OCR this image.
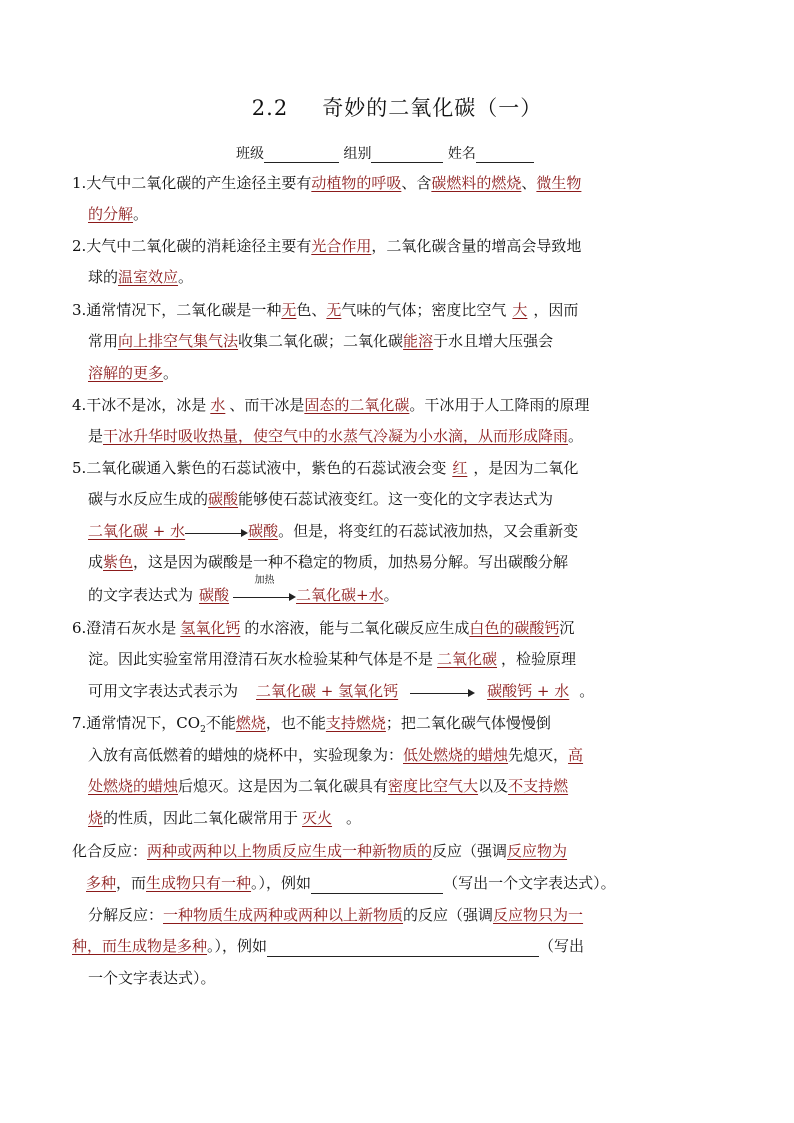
2.2 奇妙的二氧化碳（一）
班级	组别	姓名
1.大气中二氧化碳的产生途径主要有动植物的呼吸、含碳燃料的燃烧、微生物
的分解。
2.大气中二氧化碳的消耗途径主要有光合作用，二氧化碳含量的增高会导致地
球的温室效应。
3.通常情况下，二氧化碳是一种无色、无气味的气体；密度比空气 大 ，因而
常用向上排空气集气法收集二氧化碳；二氧化碳能溶于水且增大压强会
溶解的更多。
4.干冰不是冰，冰是 水 、而干冰是固态的二氧化碳。干冰用于人工降雨的原理
是干冰升华时吸收热量，使空气中的水蒸气冷凝为小水滴，从而形成降雨。
5.二氧化碳通入紫色的石蕊试液中，紫色的石蕊试液会变 红 ，是因为二氧化
碳与水反应生成的碳酸能够使石蕊试液变红。这一变化的文字表达式为
二氧化碳 + 水	碳酸。但是，将变红的石蕊试液加热，又会重新变
成紫色，这是因为碳酸是一种不稳定的物质，加热易分解。写出碳酸分解
的文字表达式为 碳酸
加热
二氧化碳+水。
6.澄清石灰水是 氢氧化钙 的水溶液，能与二氧化碳反应生成白色的碳酸钙沉
淀。因此实验室常用澄清石灰水检验某种气体是不是 二氧化碳 ，检验原理
可用文字表达式表示为 二氧化碳 + 氢氧化钙	碳酸钙 + 水 。
7.通常情况下，$CO_2$不能燃烧，也不能支持燃烧；把二氧化碳气体慢慢倒
入放有高低燃着的蜡烛的烧杯中，实验现象为：低处燃烧的蜡烛先熄灭，高
处燃烧的蜡烛后熄灭。这是因为二氧化碳具有密度比空气大以及不支持燃
烧的性质，因此二氧化碳常用于 灭火 。
化合反应：两种或两种以上物质反应生成一种新物质的反应（强调反应物为
多种，而生成物只有一种。），例如	（写出一个文字表达式）。
分解反应：一种物质生成两种或两种以上新物质的反应（强调反应物只为一
种，而生成物是多种。），例如	（写出
一个文字表达式）。
